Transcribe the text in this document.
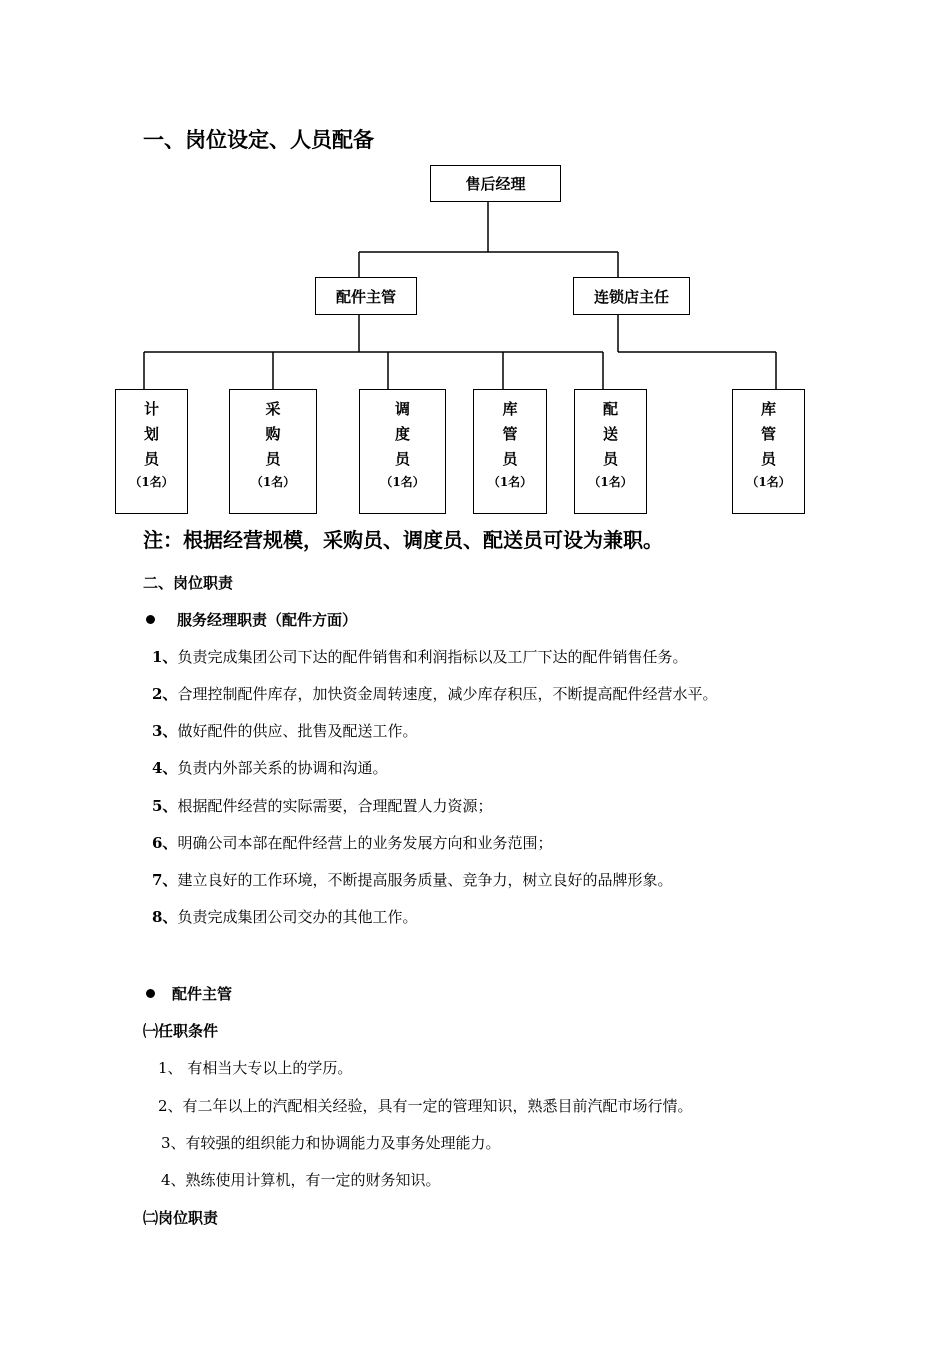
一、岗位设定、人员配备
售后经理
配件主管	连锁店主任
计
划
员
（1名）
采
购
员
（1名）
调
度
员
（1名）
库
管
员
（1名）
配
送
员
（1名）
库
管
员
（1名）
注：根据经营规模，采购员、调度员、配送员可设为兼职。
二、岗位职责
服务经理职责（配件方面）
1、负责完成集团公司下达的配件销售和利润指标以及工厂下达的配件销售任务。
2、合理控制配件库存，加快资金周转速度，减少库存积压，不断提高配件经营水平。
3、做好配件的供应、批售及配送工作。
4、负责内外部关系的协调和沟通。
5、根据配件经营的实际需要，合理配置人力资源；
6、明确公司本部在配件经营上的业务发展方向和业务范围；
7、建立良好的工作环境，不断提高服务质量、竞争力，树立良好的品牌形象。
8、负责完成集团公司交办的其他工作。
配件主管
㈠任职条件
1、 有相当大专以上的学历。
2、有二年以上的汽配相关经验，具有一定的管理知识，熟悉目前汽配市场行情。
3、有较强的组织能力和协调能力及事务处理能力。
4、熟练使用计算机，有一定的财务知识。
㈡岗位职责
